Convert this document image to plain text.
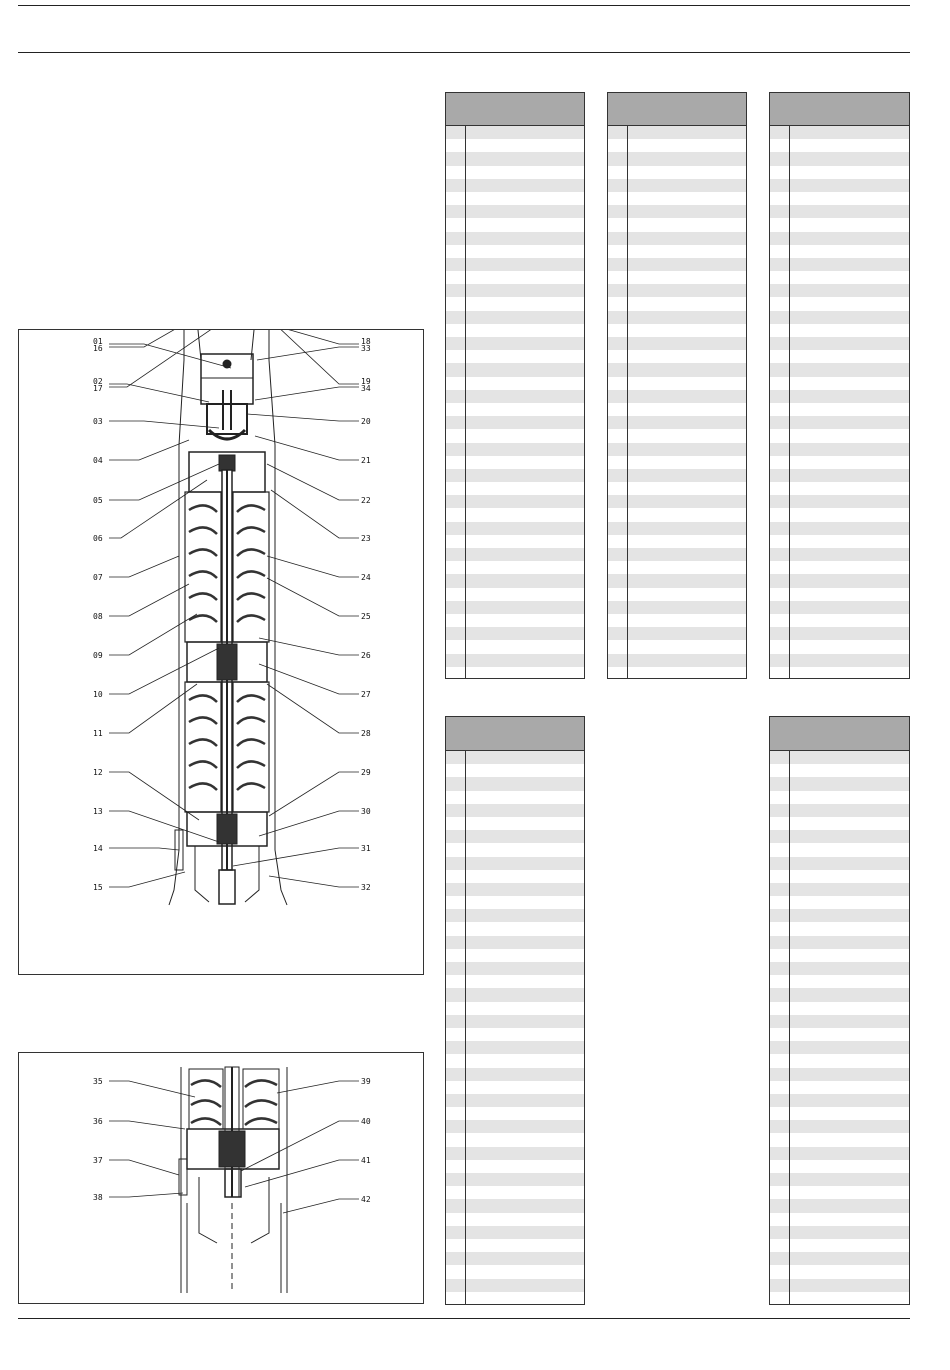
01
16
02
17
03
04
05
06
07
08
09
10
11
12
13
14
15
18
33
19
34
20
21
22
23
24
25
26
27
28
29
30
31
32
35
36
37
38
39
40
41
42
